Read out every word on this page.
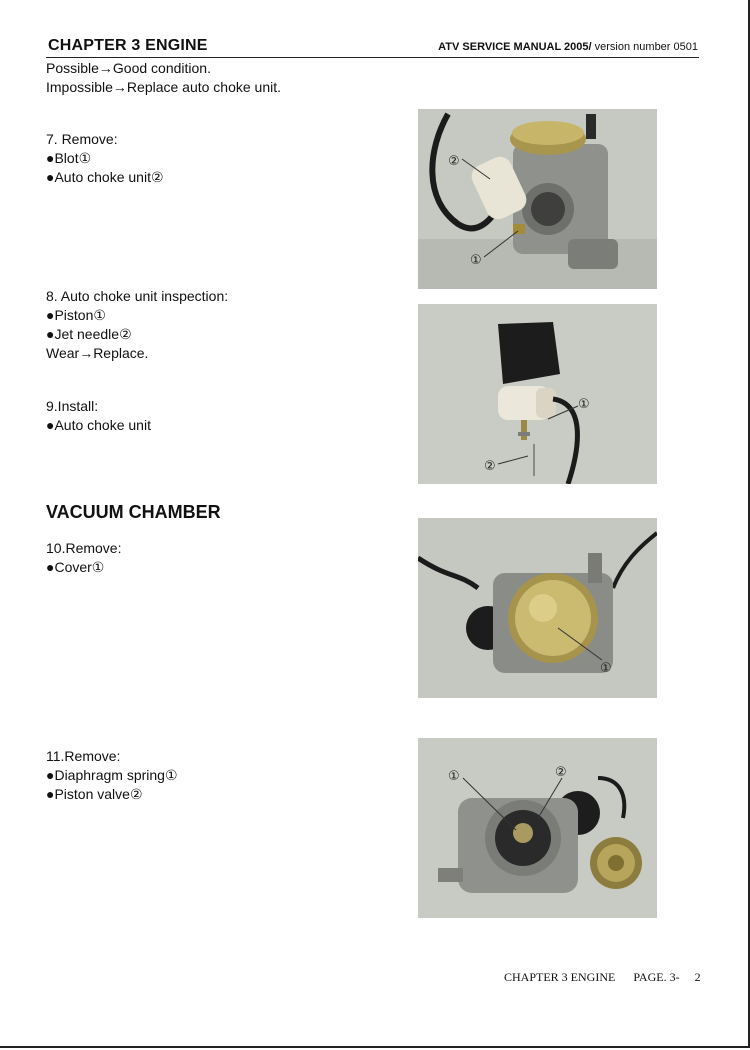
CHAPTER 3 ENGINE	ATV SERVICE MANUAL 2005/ version number 0501
Possible→Good condition.
Impossible→Replace auto choke unit.
7. Remove:
●Blot①
●Auto choke unit②
8. Auto choke unit inspection:
●Piston①
●Jet needle②
Wear→Replace.
9.Install:
●Auto choke unit
VACUUM CHAMBER
10.Remove:
●Cover①
11.Remove:
●Diaphragm spring①
●Piston valve②
②
①
①
②
①
①	②
CHAPTER 3 ENGINE PAGE. 3- 2
